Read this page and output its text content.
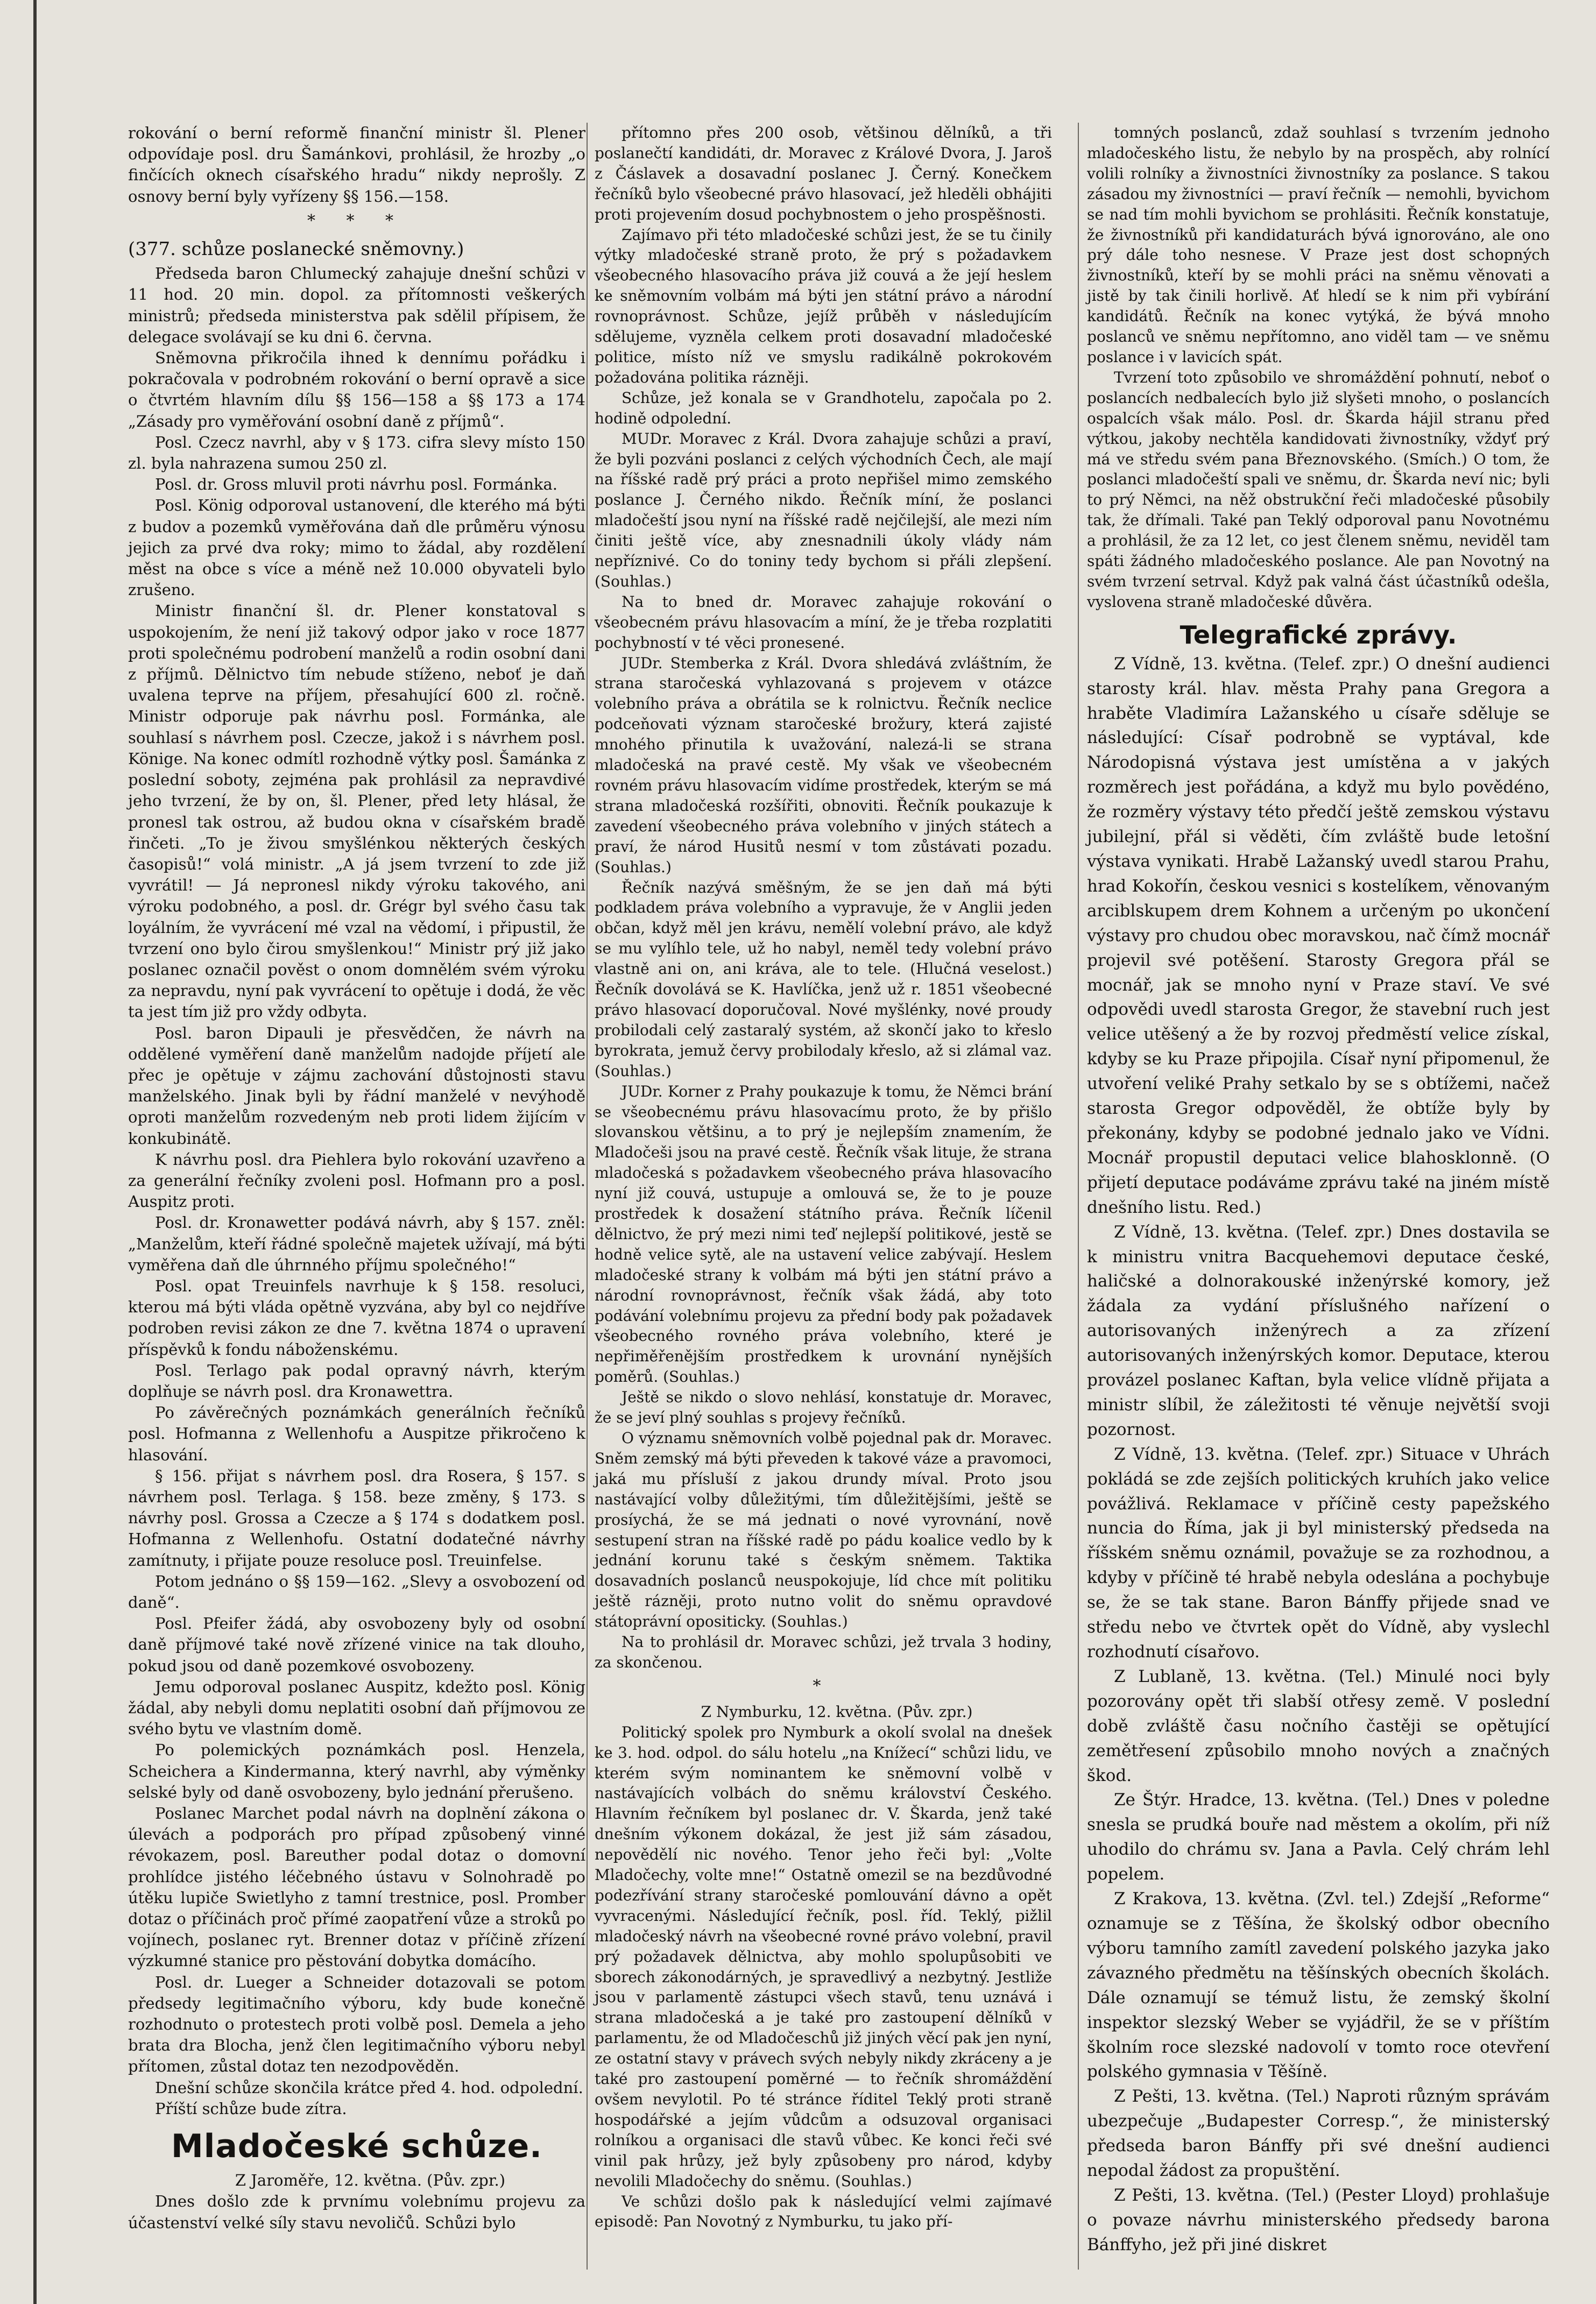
rokování o berní reformě finanční ministr šl. Plener odpovídaje posl. dru Šamánkovi, prohlásil, že hrozby „o finčících oknech císařského hradu“ nikdy neprošly. Z osnovy berní byly vyřízeny §§ 156.—158.

* * *
(377. schůze poslanecké sněmovny.)

Předseda baron Chlumecký zahajuje dnešní schůzi v 11 hod. 20 min. dopol. za přítomnosti veškerých ministrů; předseda ministerstva pak sdělil přípisem, že delegace svolávají se ku dni 6. června.

Sněmovna přikročila ihned k dennímu pořádku i pokračovala v podrobném rokování o berní opravě a sice o čtvrtém hlavním dílu §§ 156—158 a §§ 173 a 174 „Zásady pro vyměřování osobní daně z příjmů“.

Posl. Czecz navrhl, aby v § 173. cifra slevy místo 150 zl. byla nahrazena sumou 250 zl.

Posl. dr. Gross mluvil proti návrhu posl. Formánka.

Posl. König odporoval ustanovení, dle kterého má býti z budov a pozemků vyměřována daň dle průměru výnosu jejich za prvé dva roky; mimo to žádal, aby rozdělení měst na obce s více a méně než 10.000 obyvateli bylo zrušeno.

Ministr finanční šl. dr. Plener konstatoval s uspokojením, že není již takový odpor jako v roce 1877 proti společnému podrobení manželů a rodin osobní dani z příjmů. Dělnictvo tím nebude stíženo, neboť je daň uvalena teprve na příjem, přesahující 600 zl. ročně. Ministr odporuje pak návrhu posl. Formánka, ale souhlasí s návrhem posl. Czecze, jakož i s návrhem posl. Könige. Na konec odmítl rozhodně výtky posl. Šamánka z poslední soboty, zejména pak prohlásil za nepravdivé jeho tvrzení, že by on, šl. Plener, před lety hlásal, že pronesl tak ostrou, až budou okna v císařském bradě řinčeti. „To je živou smyšlénkou některých českých časopisů!“ volá ministr. „A já jsem tvrzení to zde již vyvrátil! — Já nepronesl nikdy výroku takového, ani výroku podobného, a posl. dr. Grégr byl svého času tak loyálním, že vyvrácení mé vzal na vědomí, i připustil, že tvrzení ono bylo čirou smyšlenkou!“ Ministr prý již jako poslanec označil pověst o onom domnělém svém výroku za nepravdu, nyní pak vyvrácení to opětuje i dodá, že věc ta jest tím již pro vždy odbyta.

Posl. baron Dipauli je přesvědčen, že návrh na oddělené vyměření daně manželům nadojde příjetí ale přec je opětuje v zájmu zachování důstojnosti stavu manželského. Jinak byli by řádní manželé v nevýhodě oproti manželům rozvedeným neb proti lidem žijícím v konkubinátě.

K návrhu posl. dra Piehlera bylo rokování uzavřeno a za generální řečníky zvoleni posl. Hofmann pro a posl. Auspitz proti.

Posl. dr. Kronawetter podává návrh, aby § 157. zněl: „Manželům, kteří řádné společně majetek užívají, má býti vyměřena daň dle úhrnného příjmu společného!“

Posl. opat Treuinfels navrhuje k § 158. resoluci, kterou má býti vláda opětně vyzvána, aby byl co nejdříve podroben revisi zákon ze dne 7. května 1874 o upravení příspěvků k fondu náboženskému.

Posl. Terlago pak podal opravný návrh, kterým doplňuje se návrh posl. dra Kronawettra.

Po závěrečných poznámkách generálních řečníků posl. Hofmanna z Wellenhofu a Auspitze přikročeno k hlasování.

§ 156. přijat s návrhem posl. dra Rosera, § 157. s návrhem posl. Terlaga. § 158. beze změny, § 173. s návrhy posl. Grossa a Czecze a § 174 s dodatkem posl. Hofmanna z Wellenhofu. Ostatní dodatečné návrhy zamítnuty, i přijate pouze resoluce posl. Treuinfelse.

Potom jednáno o §§ 159—162. „Slevy a osvobození od daně“.

Posl. Pfeifer žádá, aby osvobozeny byly od osobní daně příjmové také nově zřízené vinice na tak dlouho, pokud jsou od daně pozemkové osvobozeny.

Jemu odporoval poslanec Auspitz, kdežto posl. König žádal, aby nebyli domu neplatiti osobní daň příjmovou ze svého bytu ve vlastním domě.

Po polemických poznámkách posl. Henzela, Scheichera a Kindermanna, který navrhl, aby výměnky selské byly od daně osvobozeny, bylo jednání přerušeno.

Poslanec Marchet podal návrh na doplnění zákona o úlevách a podporách pro případ způsobený vinné révokazem, posl. Bareuther podal dotaz o domovní prohlídce jistého léčebného ústavu v Solnohradě po útěku lupiče Swietlyho z tamní trestnice, posl. Promber dotaz o příčinách proč přímé zaopatření vůze a stroků po vojínech, poslanec ryt. Brenner dotaz v příčině zřízení výzkumné stanice pro pěstování dobytka domácího.

Posl. dr. Lueger a Schneider dotazovali se potom předsedy legitimačního výboru, kdy bude konečně rozhodnuto o protestech proti volbě posl. Demela a jeho brata dra Blocha, jenž člen legitimačního výboru nebyl přítomen, zůstal dotaz ten nezodpověděn.

Dnešní schůze skončila krátce před 4. hod. odpolední.

Příští schůze bude zítra.

Mladočeské schůze.

Z Jaroměře, 12. května. (Pův. zpr.)

Dnes došlo zde k prvnímu volebnímu projevu za účastenství velké síly stavu nevoličů. Schůzi bylo

přítomno přes 200 osob, většinou dělníků, a tři poslanečtí kandidáti, dr. Moravec z Králové Dvora, J. Jaroš z Čáslavek a dosavadní poslanec J. Černý. Konečkem řečníků bylo všeobecné právo hlasovací, jež hleděli obhájiti proti projevením dosud pochybnostem o jeho prospěšnosti.

Zajímavo při této mladočeské schůzi jest, že se tu činily výtky mladočeské straně proto, že prý s požadavkem všeobecného hlasovacího práva již couvá a že její heslem ke sněmovním volbám má býti jen státní právo a národní rovnoprávnost. Schůze, jejíž průběh v následujícím sdělujeme, vyzněla celkem proti dosavadní mladočeské politice, místo níž ve smyslu radikálně pokrokovém požadována politika rázněji.

Schůze, jež konala se v Grandhotelu, započala po 2. hodině odpolední.

MUDr. Moravec z Král. Dvora zahajuje schůzi a praví, že byli pozváni poslanci z celých východních Čech, ale mají na říšské radě prý práci a proto nepřišel mimo zemského poslance J. Černého nikdo. Řečník míní, že poslanci mladočeští jsou nyní na říšské radě nejčilejší, ale mezi ním činiti ještě více, aby znesnadnili úkoly vlády nám nepříznivé. Co do toniny tedy bychom si přáli zlepšení. (Souhlas.)

Na to bned dr. Moravec zahajuje rokování o všeobecném právu hlasovacím a míní, že je třeba rozplatiti pochybností v té věci pronesené.

JUDr. Stemberka z Král. Dvora shledává zvláštním, že strana staročeská vyhlazovaná s projevem v otázce volebního práva a obrátila se k rolnictvu. Řečník neclice podceňovati význam staročeské brožury, která zajisté mnohého přinutila k uvažování, nalezá-li se strana mladočeská na pravé cestě. My však ve všeobecném rovném právu hlasovacím vidíme prostředek, kterým se má strana mladočeská rozšířiti, obnoviti. Řečník poukazuje k zavedení všeobecného práva volebního v jiných státech a praví, že národ Husitů nesmí v tom zůstávati pozadu. (Souhlas.)

Řečník nazývá směšným, že se jen daň má býti podkladem práva volebního a vypravuje, že v Anglii jeden občan, když měl jen krávu, nemělí volební právo, ale když se mu vylíhlo tele, už ho nabyl, neměl tedy volební právo vlastně ani on, ani kráva, ale to tele. (Hlučná veselost.) Řečník dovolává se K. Havlíčka, jenž už r. 1851 všeobecné právo hlasovací doporučoval. Nové myšlénky, nové proudy probilodali celý zastaralý systém, až skončí jako to křeslo byrokrata, jemuž červy probilodaly křeslo, až si zlámal vaz. (Souhlas.)

JUDr. Korner z Prahy poukazuje k tomu, že Němci brání se všeobecnému právu hlasovacímu proto, že by přišlo slovanskou většinu, a to prý je nejlepším znamením, že Mladočeši jsou na pravé cestě. Řečník však lituje, že strana mladočeská s požadavkem všeobecného práva hlasovacího nyní již couvá, ustupuje a omlouvá se, že to je pouze prostředek k dosažení státního práva. Řečník líčenil dělnictvo, že prý mezi nimi teď nejlepší politikové, jestě se hodně velice sytě, ale na ustavení velice zabývají. Heslem mladočeské strany k volbám má býti jen státní právo a národní rovnoprávnost, řečník však žádá, aby toto podávání volebnímu projevu za přední body pak požadavek všeobecného rovného práva volebního, které je nepřiměřenějším prostředkem k urovnání nynějších poměrů. (Souhlas.)

Ještě se nikdo o slovo nehlásí, konstatuje dr. Moravec, že se jeví plný souhlas s projevy řečníků.

O významu sněmovních volbě pojednal pak dr. Moravec. Sněm zemský má býti převeden k takové váze a pravomoci, jaká mu přísluší z jakou drundy míval. Proto jsou nastávající volby důležitými, tím důležitějšími, ještě se prosíychá, že se má jednati o nové vyrovnání, nově sestupení stran na říšské radě po pádu koalice vedlo by k jednání korunu také s českým sněmem. Taktika dosavadních poslanců neuspokojuje, líd chce mít politiku ještě rázněji, proto nutno volit do sněmu opravdové státoprávní opositicky. (Souhlas.)

Na to prohlásil dr. Moravec schůzi, jež trvala 3 hodiny, za skončenou.

*

Z Nymburku, 12. května. (Pův. zpr.)

Politický spolek pro Nymburk a okolí svolal na dnešek ke 3. hod. odpol. do sálu hotelu „na Knížecí“ schůzi lidu, ve kterém svým nominantem ke sněmovní volbě v nastávajících volbách do sněmu království Českého. Hlavním řečníkem byl poslanec dr. V. Škarda, jenž také dnešním výkonem dokázal, že jest již sám zásadou, nepovědělí nic nového. Tenor jeho řeči byl: „Volte Mladočechy, volte mne!“ Ostatně omezil se na bezdůvodné podezřívání strany staročeské pomlouvání dávno a opět vyvracenými. Následující řečník, posl. říd. Teklý, pižlil mladočeský návrh na všeobecné rovné právo volební, pravil prý požadavek dělnictva, aby mohlo spolupůsobiti ve sborech zákonodárných, je spravedlivý a nezbytný. Jestliže jsou v parlamentě zástupci všech stavů, tenu uznává i strana mladočeská a je také pro zastoupení dělníků v parlamentu, že od Mladočeschů již jiných věcí pak jen nyní, ze ostatní stavy v právech svých nebyly nikdy zkráceny a je také pro zastoupení poměrné — to řečník shromáždění ovšem nevylotil. Po té stránce říditel Teklý proti straně hospodářské a jejím vůdcům a odsuzoval organisaci rolníkou a organisaci dle stavů vůbec. Ke konci řeči své vinil pak hrůzy, jež byly způsobeny pro národ, kdyby nevolili Mladočechy do sněmu. (Souhlas.)

Ve schůzi došlo pak k následující velmi zajímavé episodě: Pan Novotný z Nymburku, tu jako pří-

tomných poslanců, zdaž souhlasí s tvrzením jednoho mladočeského listu, že nebylo by na prospěch, aby rolnící volili rolníky a živnostníci živnostníky za poslance. S takou zásadou my živnostníci — praví řečník — nemohli, byvichom se nad tím mohli byvichom se prohlásiti. Řečník konstatuje, že živnostníků při kandidaturách bývá ignorováno, ale ono prý dále toho nesnese. V Praze jest dost schopných živnostníků, kteří by se mohli práci na sněmu věnovati a jistě by tak činili horlivě. Ať hledí se k nim při vybírání kandidátů. Řečník na konec vytýká, že bývá mnoho poslanců ve sněmu nepřítomno, ano viděl tam — ve sněmu poslance i v lavicích spát.

Tvrzení toto způsobilo ve shromáždění pohnutí, neboť o poslancích nedbalecích bylo již slyšeti mnoho, o poslancích ospalcích však málo. Posl. dr. Škarda hájil stranu před výtkou, jakoby nechtěla kandidovati živnostníky, vždyť prý má ve středu svém pana Březnovského. (Smích.) O tom, že poslanci mladočeští spali ve sněmu, dr. Škarda neví nic; byli to prý Němci, na něž obstrukční řeči mladočeské působily tak, že dřímali. Také pan Teklý odporoval panu Novotnému a prohlásil, že za 12 let, co jest členem sněmu, neviděl tam spáti žádného mladočeského poslance. Ale pan Novotný na svém tvrzení setrval. Když pak valná část účastníků odešla, vyslovena straně mladočeské důvěra.

Telegrafické zprávy.

Z Vídně, 13. května. (Telef. zpr.) O dnešní audienci starosty král. hlav. města Prahy pana Gregora a hraběte Vladimíra Lažanského u císaře sděluje se následující: Císař podrobně se vyptával, kde Národopisná výstava jest umístěna a v jakých rozměrech jest pořádána, a když mu bylo povědéno, že rozměry výstavy této předčí ještě zemskou výstavu jubilejní, přál si věděti, čím zvláště bude letošní výstava vynikati. Hrabě Lažanský uvedl starou Prahu, hrad Kokořín, českou vesnici s kostelíkem, věnovaným arciblskupem drem Kohnem a určeným po ukončení výstavy pro chudou obec moravskou, nač čímž mocnář projevil své potěšení. Starosty Gregora přál se mocnář, jak se mnoho nyní v Praze staví. Ve své odpovědi uvedl starosta Gregor, že stavební ruch jest velice utěšený a že by rozvoj předměstí velice získal, kdyby se ku Praze připojila. Císař nyní připomenul, že utvoření veliké Prahy setkalo by se s obtížemi, načež starosta Gregor odpověděl, že obtíže byly by překonány, kdyby se podobné jednalo jako ve Vídni. Mocnář propustil deputaci velice blahosklonně. (O přijetí deputace podáváme zprávu také na jiném místě dnešního listu. Red.)

Z Vídně, 13. května. (Telef. zpr.) Dnes dostavila se k ministru vnitra Bacquehemovi deputace české, haličské a dolnorakouské inženýrské komory, jež žádala za vydání příslušného nařízení o autorisovaných inženýrech a za zřízení autorisovaných inženýrských komor. Deputace, kterou provázel poslanec Kaftan, byla velice vlídně přijata a ministr slíbil, že záležitosti té věnuje největší svoji pozornost.

Z Vídně, 13. května. (Telef. zpr.) Situace v Uhrách pokládá se zde zejších politických kruhích jako velice povážlivá. Reklamace v příčině cesty papežského nuncia do Říma, jak ji byl ministerský předseda na říšském sněmu oznámil, považuje se za rozhodnou, a kdyby v příčině té hrabě nebyla odeslána a pochybuje se, že se tak stane. Baron Bánffy přijede snad ve středu nebo ve čtvrtek opět do Vídně, aby vyslechl rozhodnutí císařovo.

Z Lublaně, 13. května. (Tel.) Minulé noci byly pozorovány opět tři slabší otřesy země. V poslední době zvláště času nočního častěji se opětující zemětřesení způsobilo mnoho nových a značných škod.

Ze Štýr. Hradce, 13. května. (Tel.) Dnes v poledne snesla se prudká bouře nad městem a okolím, při níž uhodilo do chrámu sv. Jana a Pavla. Celý chrám lehl popelem.

Z Krakova, 13. května. (Zvl. tel.) Zdejší „Reforme“ oznamuje se z Těšína, že školský odbor obecního výboru tamního zamítl zavedení polského jazyka jako závazného předmětu na těšínských obecních školách. Dále oznamují se témuž listu, že zemský školní inspektor slezský Weber se vyjádřil, že se v příštím školním roce slezské nadovolí v tomto roce otevření polského gymnasia v Těšíně.

Z Pešti, 13. května. (Tel.) Naproti různým správám ubezpečuje „Budapester Corresp.“, že ministerský předseda baron Bánffy při své dnešní audienci nepodal žádost za propuštění.

Z Pešti, 13. května. (Tel.) (Pester Lloyd) prohlašuje o povaze návrhu ministerského předsedy barona Bánffyho, jež při jiné diskret
